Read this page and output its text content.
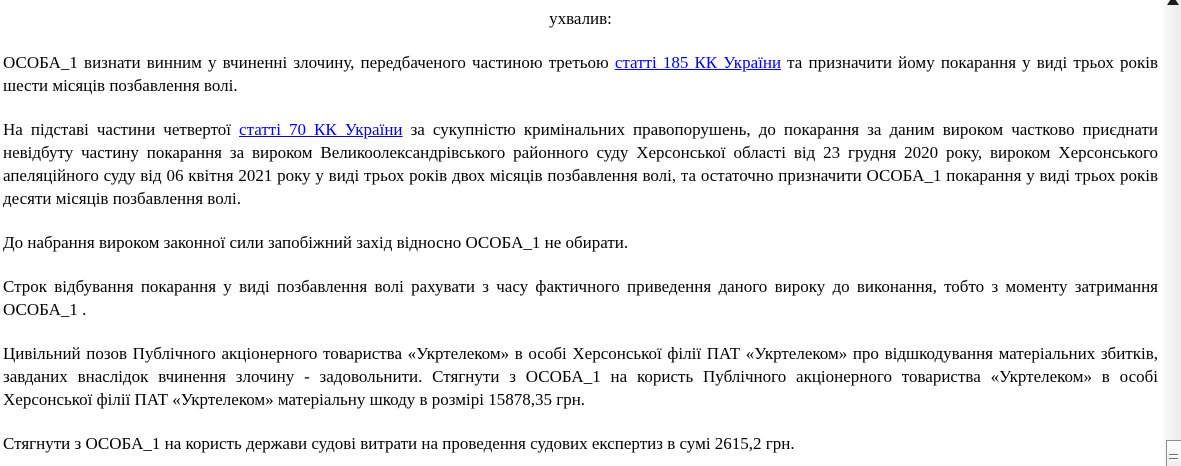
ухвалив:

ОСОБА_1 визнати винним у вчиненні злочину, передбаченого частиною третьою статті 185 КК України та призначити йому покарання у виді трьох років шести місяців позбавлення волі.

На підставі частини четвертої статті 70 КК України за сукупністю кримінальних правопорушень, до покарання за даним вироком частково приєднати невідбуту частину покарання за вироком Великоолександрівського районного суду Херсонської області від 23 грудня 2020 року, вироком Херсонського апеляційного суду від 06 квітня 2021 року у виді трьох років двох місяців позбавлення волі, та остаточно призначити ОСОБА_1 покарання у виді трьох років десяти місяців позбавлення волі.

До набрання вироком законної сили запобіжний захід відносно ОСОБА_1 не обирати.

Строк відбування покарання у виді позбавлення волі рахувати з часу фактичного приведення даного вироку до виконання, тобто з моменту затримання ОСОБА_1 .

Цивільний позов Публічного акціонерного товариства «Укртелеком» в особі Херсонської філії ПАТ «Укртелеком» про відшкодування матеріальних збитків, завданих внаслідок вчинення злочину - задовольнити. Стягнути з ОСОБА_1 на користь Публічного акціонерного товариства «Укртелеком» в особі Херсонської філії ПАТ «Укртелеком» матеріальну шкоду в розмірі 15878,35 грн.

Стягнути з ОСОБА_1 на користь держави судові витрати на проведення судових експертиз в сумі 2615,2 грн.
